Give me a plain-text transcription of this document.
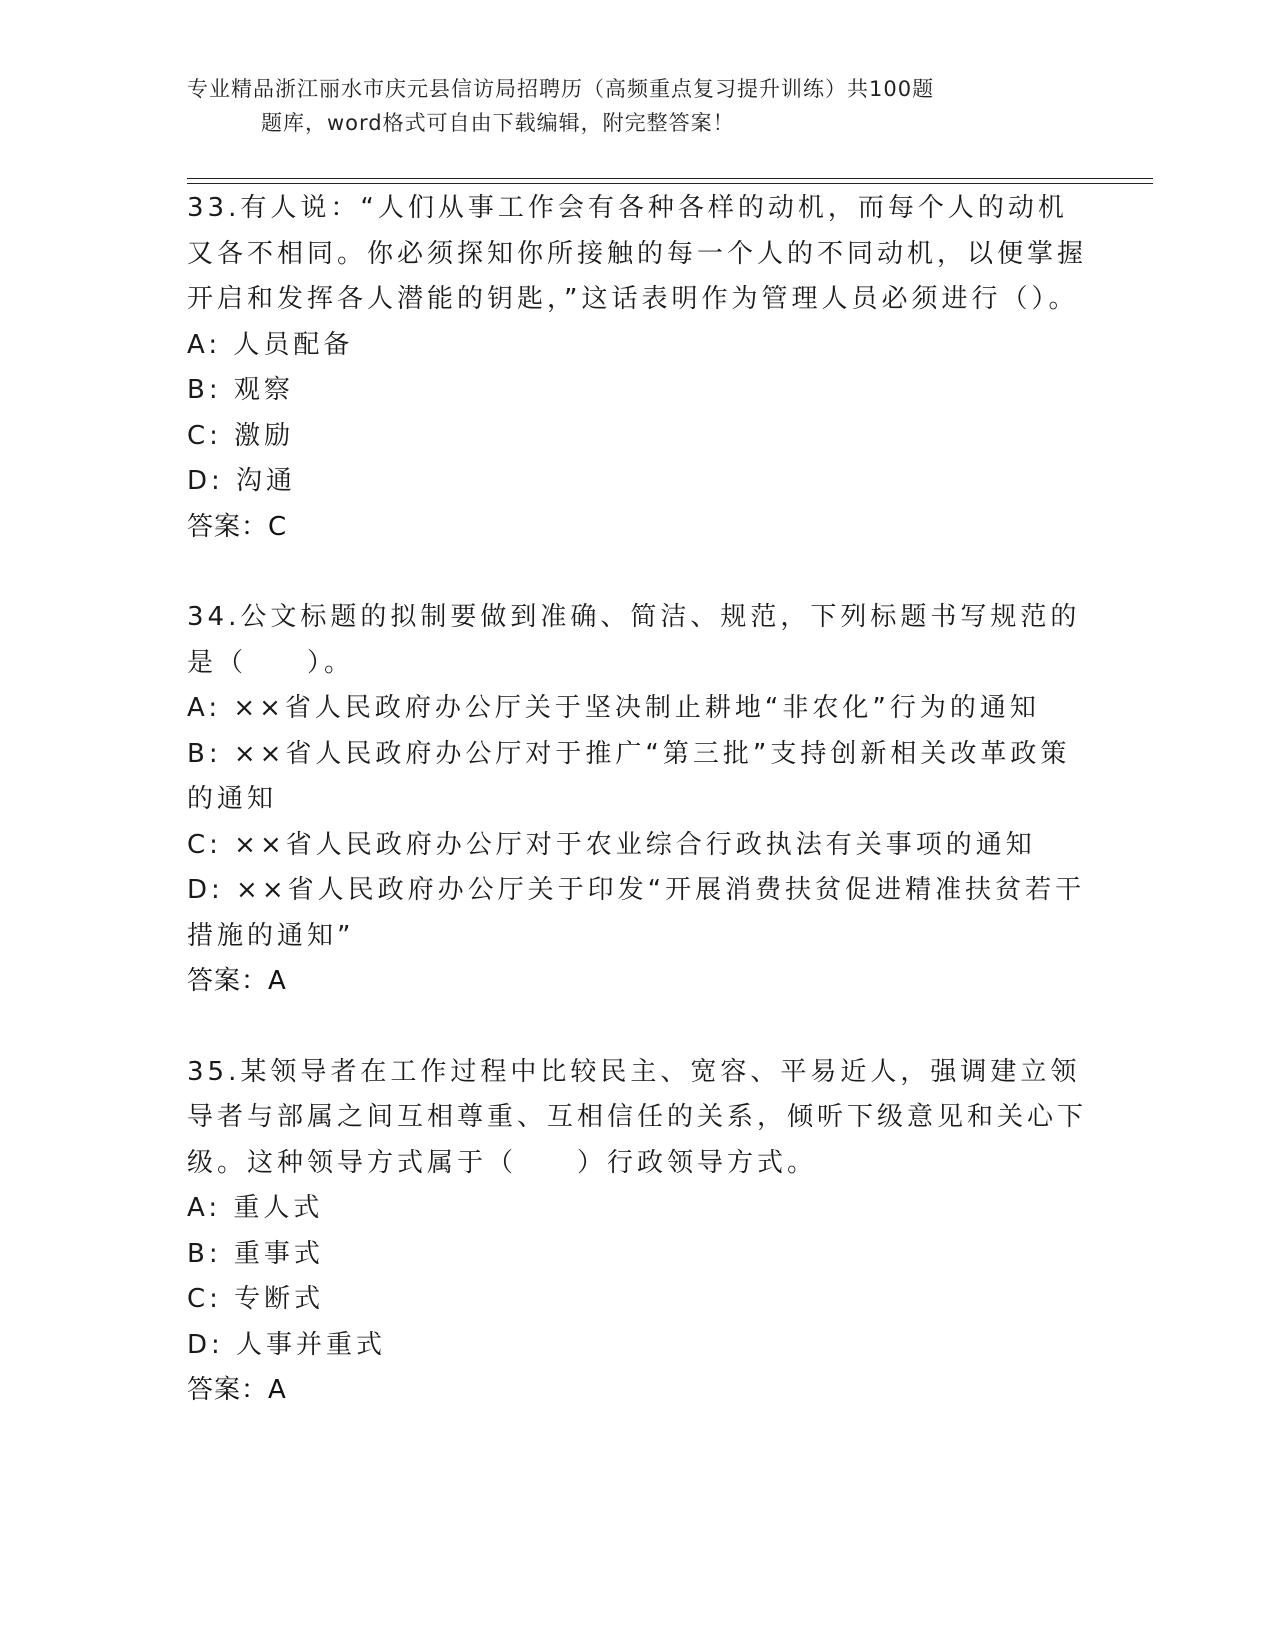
专业精品浙江丽水市庆元县信访局招聘历（高频重点复习提升训练）共100题
题库，word格式可自由下载编辑，附完整答案！

33.有人说：“人们从事工作会有各种各样的动机，而每个人的动机又各不相同。你必须探知你所接触的每一个人的不同动机，以便掌握开启和发挥各人潜能的钥匙，”这话表明作为管理人员必须进行（）。

A: 人员配备

B: 观察

C: 激励

D: 沟通

答案：C

34.公文标题的拟制要做到准确、简洁、规范，下列标题书写规范的是（　　）。

A: ××省人民政府办公厅关于坚决制止耕地“非农化”行为的通知

B: ××省人民政府办公厅对于推广“第三批”支持创新相关改革政策的通知

C: ××省人民政府办公厅对于农业综合行政执法有关事项的通知

D: ××省人民政府办公厅关于印发“开展消费扶贫促进精准扶贫若干措施的通知”

答案：A

35.某领导者在工作过程中比较民主、宽容、平易近人，强调建立领导者与部属之间互相尊重、互相信任的关系，倾听下级意见和关心下级。这种领导方式属于（　　）行政领导方式。

A: 重人式

B: 重事式

C: 专断式

D: 人事并重式

答案：A
